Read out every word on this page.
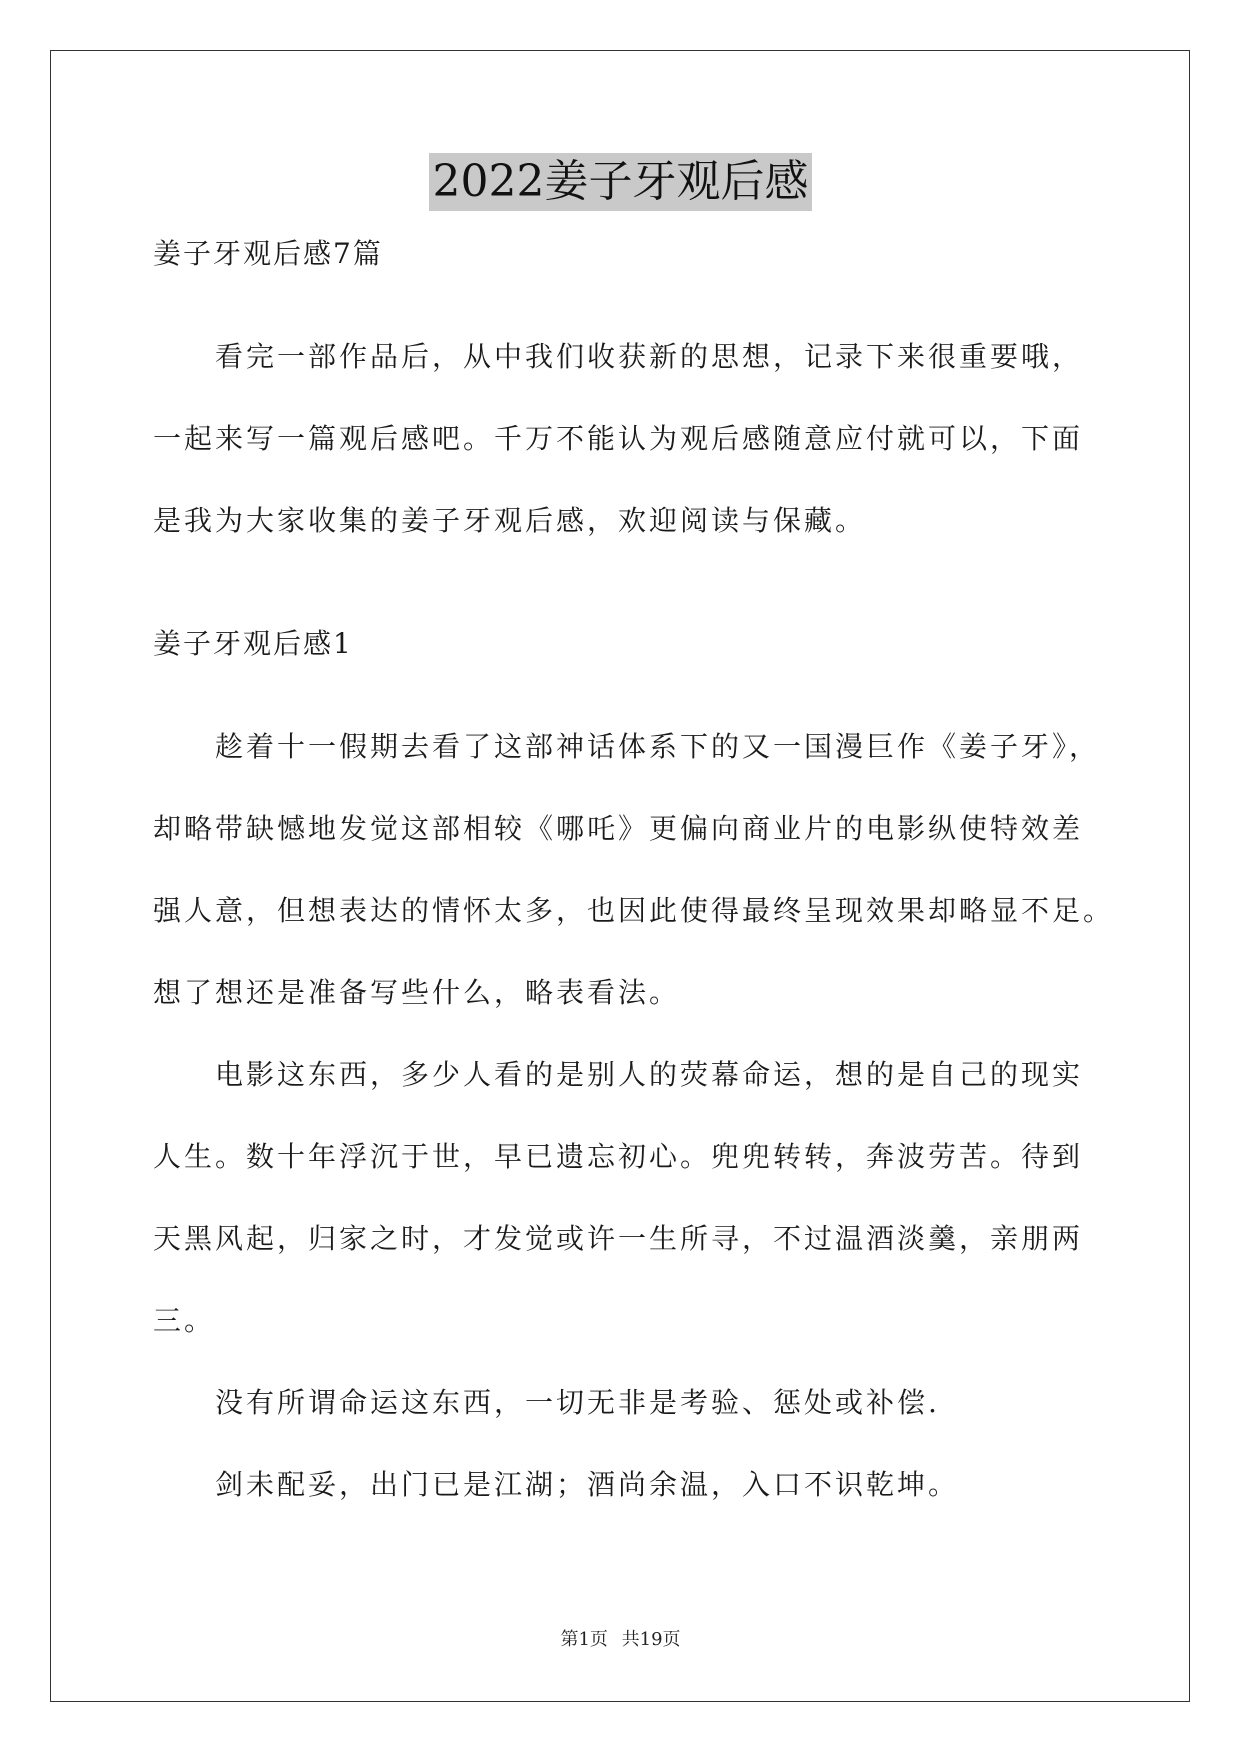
2022姜子牙观后感
姜子牙观后感7篇

看完一部作品后，从中我们收获新的思想，记录下来很重要哦，

一起来写一篇观后感吧。千万不能认为观后感随意应付就可以，下面

是我为大家收集的姜子牙观后感，欢迎阅读与保藏。

姜子牙观后感1

趁着十一假期去看了这部神话体系下的又一国漫巨作《姜子牙》，

却略带缺憾地发觉这部相较《哪吒》更偏向商业片的电影纵使特效差

强人意，但想表达的情怀太多，也因此使得最终呈现效果却略显不足。

想了想还是准备写些什么，略表看法。

电影这东西，多少人看的是别人的荧幕命运，想的是自己的现实

人生。数十年浮沉于世，早已遗忘初心。兜兜转转，奔波劳苦。待到

天黑风起，归家之时，才发觉或许一生所寻，不过温酒淡羹，亲朋两

三。

没有所谓命运这东西，一切无非是考验、惩处或补偿.

剑未配妥，出门已是江湖；酒尚余温，入口不识乾坤。

第1页 共19页
